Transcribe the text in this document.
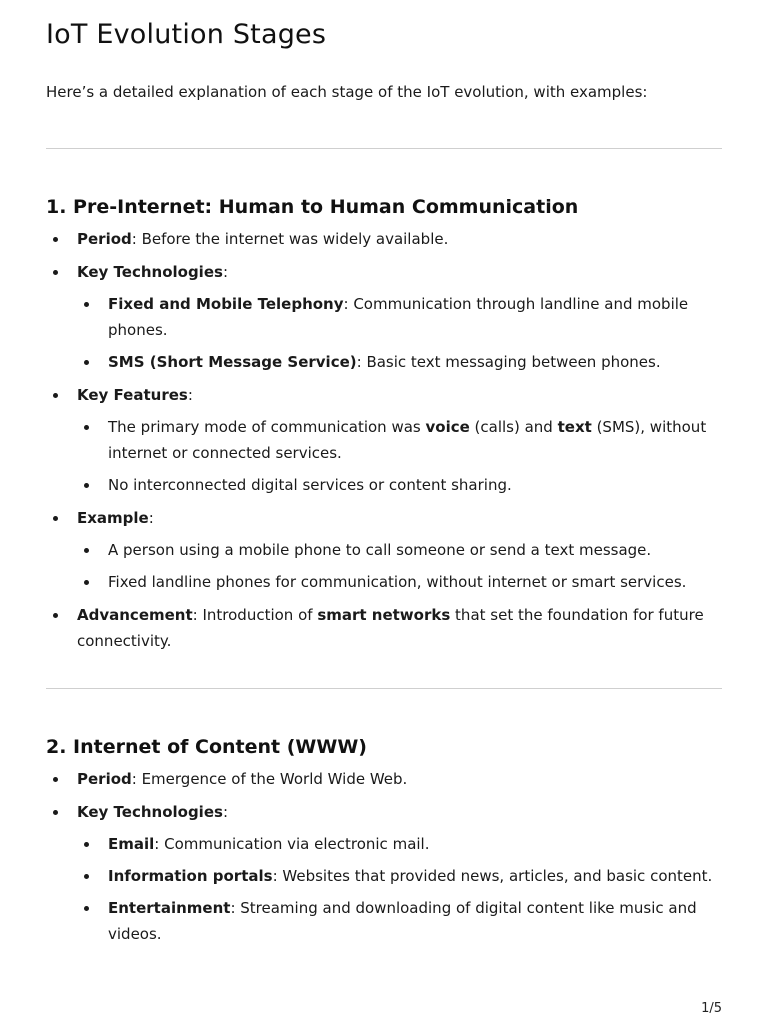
IoT Evolution Stages

Here’s a detailed explanation of each stage of the IoT evolution, with examples:

1. Pre-Internet: Human to Human Communication
Period: Before the internet was widely available.
Key Technologies:
Fixed and Mobile Telephony: Communication through landline and mobile phones.
SMS (Short Message Service): Basic text messaging between phones.
Key Features:
The primary mode of communication was voice (calls) and text (SMS), without internet or connected services.
No interconnected digital services or content sharing.
Example:
A person using a mobile phone to call someone or send a text message.
Fixed landline phones for communication, without internet or smart services.
Advancement: Introduction of smart networks that set the foundation for future connectivity.
2. Internet of Content (WWW)
Period: Emergence of the World Wide Web.
Key Technologies:
Email: Communication via electronic mail.
Information portals: Websites that provided news, articles, and basic content.
Entertainment: Streaming and downloading of digital content like music and videos.
1/5
